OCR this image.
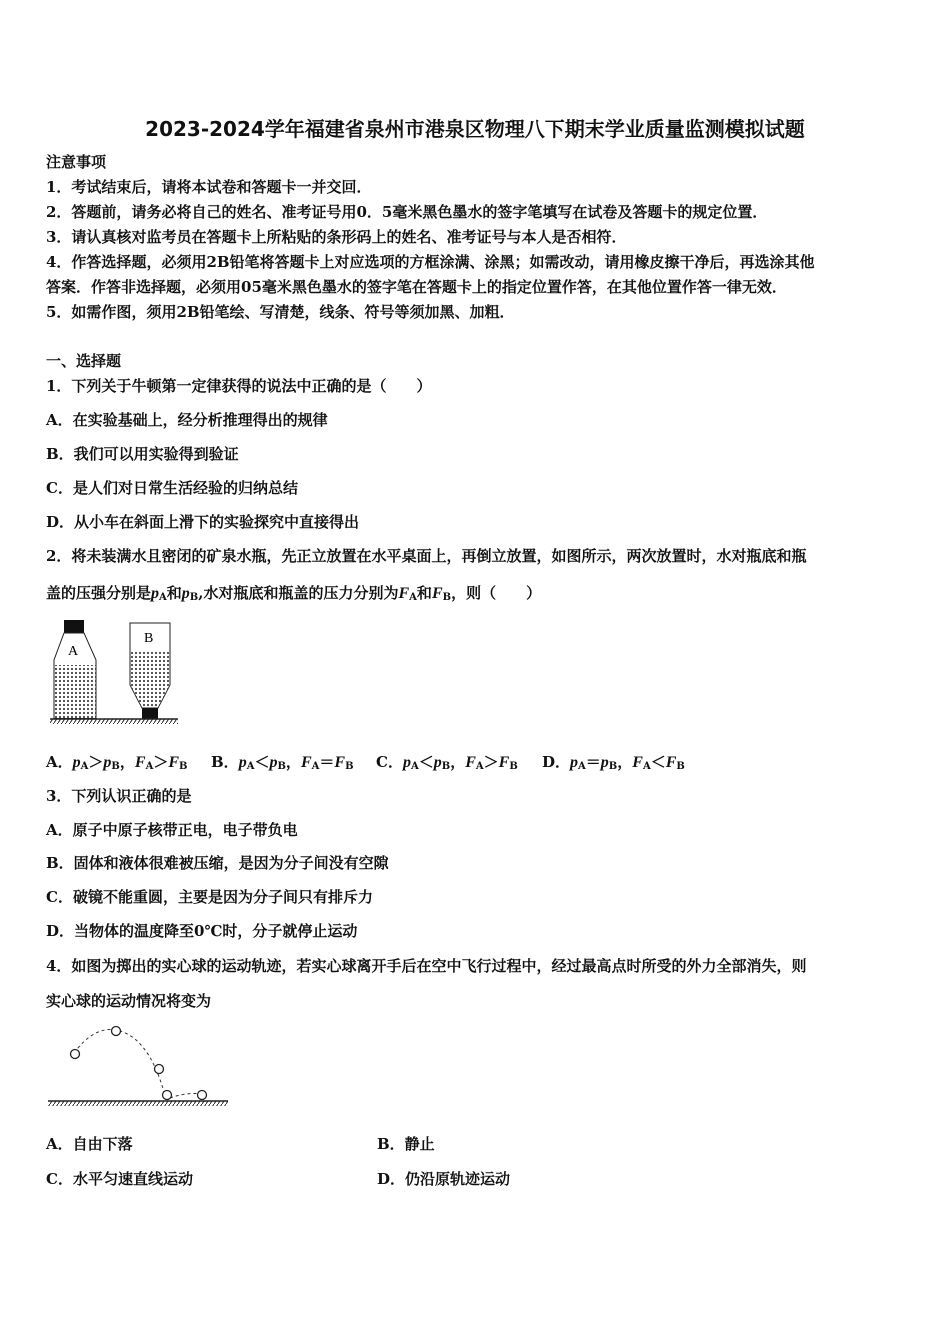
2023-2024学年福建省泉州市港泉区物理八下期末学业质量监测模拟试题
注意事项
1．考试结束后，请将本试卷和答题卡一并交回．
2．答题前，请务必将自己的姓名、准考证号用0．5毫米黑色墨水的签字笔填写在试卷及答题卡的规定位置．
3．请认真核对监考员在答题卡上所粘贴的条形码上的姓名、准考证号与本人是否相符．
4．作答选择题，必须用2B铅笔将答题卡上对应选项的方框涂满、涂黑；如需改动，请用橡皮擦干净后，再选涂其他
答案．作答非选择题，必须用05毫米黑色墨水的签字笔在答题卡上的指定位置作答，在其他位置作答一律无效．
5．如需作图，须用2B铅笔绘、写清楚，线条、符号等须加黑、加粗．
一、选择题
1．下列关于牛顿第一定律获得的说法中正确的是（　　）
A．在实验基础上，经分析推理得出的规律
B．我们可以用实验得到验证
C．是人们对日常生活经验的归纳总结
D．从小车在斜面上滑下的实验探究中直接得出
2．将未装满水且密闭的矿泉水瓶，先正立放置在水平桌面上，再倒立放置，如图所示，两次放置时，水对瓶底和瓶
盖的压强分别是$p_A$和$p_B$,水对瓶底和瓶盖的压力分别为$F_A$和$F_B$，则（　　）
A
B
A．$p_A>p_B$，$F_A>F_B$ B．$p_A<p_B$，$F_A=F_B$ C．$p_A<p_B$，$F_A>F_B$ D．$p_A=p_B$，$F_A<F_B$
3．下列认识正确的是
A．原子中原子核带正电，电子带负电
B．固体和液体很难被压缩，是因为分子间没有空隙
C．破镜不能重圆，主要是因为分子间只有排斥力
D．当物体的温度降至0℃时，分子就停止运动
4．如图为掷出的实心球的运动轨迹，若实心球离开手后在空中飞行过程中，经过最高点时所受的外力全部消失，则
实心球的运动情况将变为
A．自由下落	B．静止
C．水平匀速直线运动	D．仍沿原轨迹运动
